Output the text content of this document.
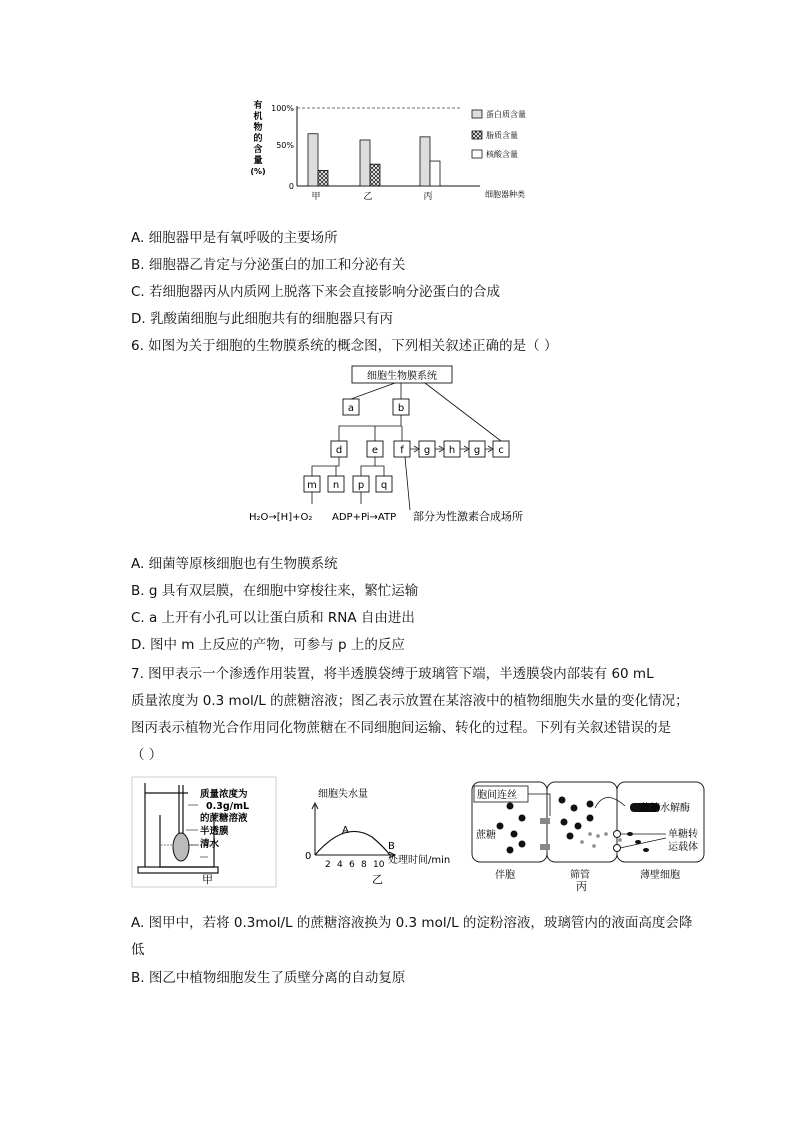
有
机
物
的
含
量
(%)
100%
50%
0
甲	乙	丙	细胞器种类
蛋白质含量
脂质含量
核酸含量
A. 细胞器甲是有氧呼吸的主要场所
B. 细胞器乙肯定与分泌蛋白的加工和分泌有关
C. 若细胞器丙从内质网上脱落下来会直接影响分泌蛋白的合成
D. 乳酸菌细胞与此细胞共有的细胞器只有丙
6. 如图为关于细胞的生物膜系统的概念图，下列相关叙述正确的是（ ）
细胞生物膜系统
a	b
d	e f g h g c
m n p q
H₂O→[H]+O₂ ADP+Pi→ATP 部分为性激素合成场所
A. 细菌等原核细胞也有生物膜系统
B. g 具有双层膜，在细胞中穿梭往来，繁忙运输
C. a 上开有小孔可以让蛋白质和 RNA 自由进出
D. 图中 m 上反应的产物，可参与 p 上的反应
7. 图甲表示一个渗透作用装置，将半透膜袋缚于玻璃管下端，半透膜袋内部装有 60 mL
质量浓度为 0.3 mol/L 的蔗糖溶液；图乙表示放置在某溶液中的植物细胞失水量的变化情况；
图丙表示植物光合作用同化物蔗糖在不同细胞间运输、转化的过程。下列有关叙述错误的是
（ ）
质量浓度为
0.3g/mL
的蔗糖溶液
半透膜
清水
甲
细胞失水量
A
B
0
2 4 6 8 10 处理时间/min
乙
胞间连丝
蔗糖
蔗糖水解酶
单糖转
运载体
伴胞	筛管	薄壁细胞
丙
A. 图甲中，若将 0.3mol/L 的蔗糖溶液换为 0.3 mol/L 的淀粉溶液，玻璃管内的液面高度会降
低
B. 图乙中植物细胞发生了质壁分离的自动复原
